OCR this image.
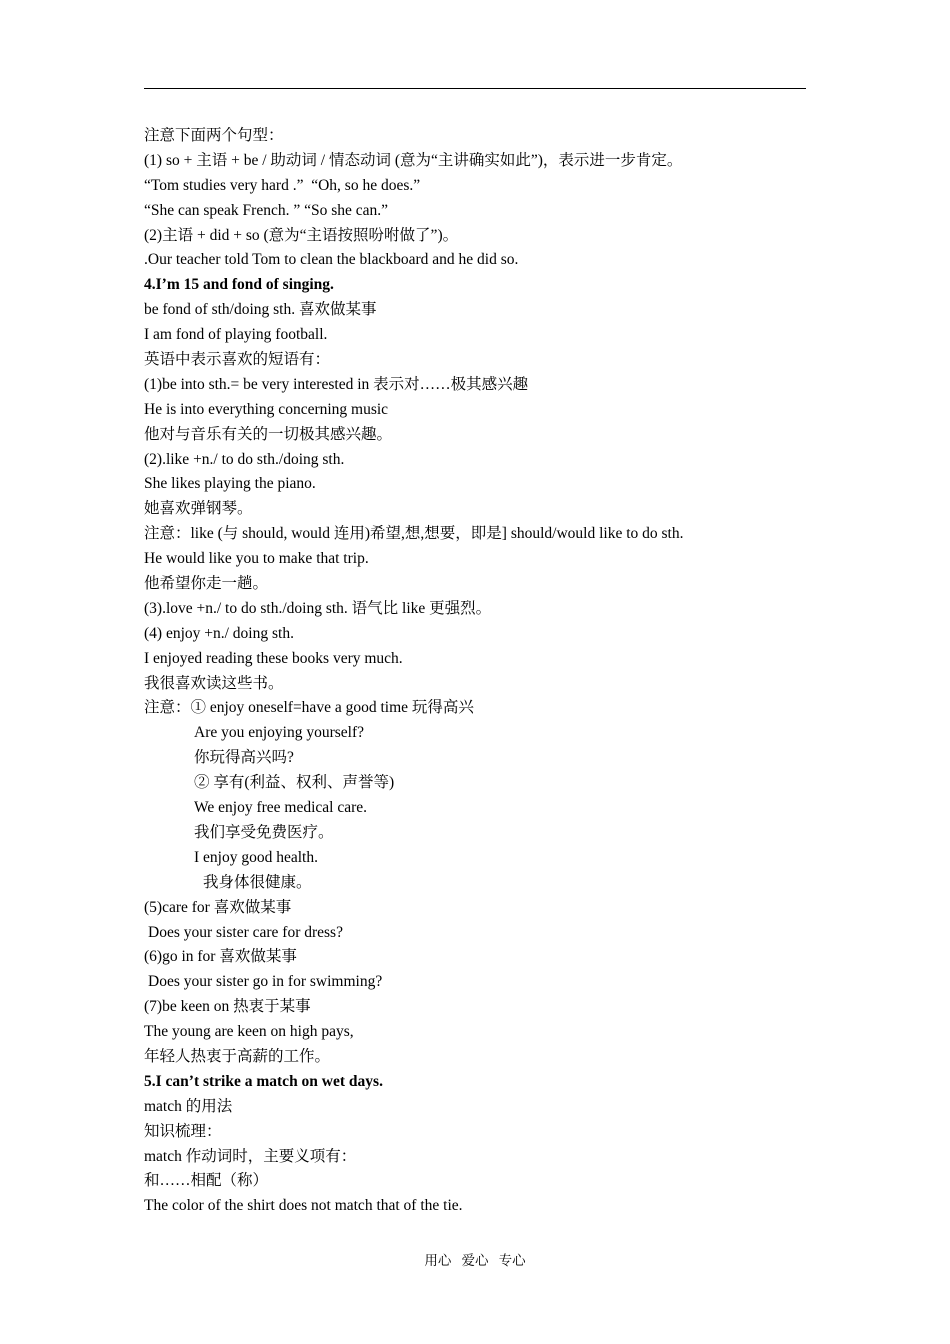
注意下面两个句型：
(1) so + 主语 + be / 助动词 / 情态动词 (意为“主讲确实如此”)，表示进一步肯定。
“Tom studies very hard .”  “Oh, so he does.”
“She can speak French. ” “So she can.”
(2)主语 + did + so (意为“主语按照吩咐做了”)。
.Our teacher told Tom to clean the blackboard and he did so.
4.I’m 15 and fond of singing.
be fond of sth/doing sth. 喜欢做某事
I am fond of playing football.
英语中表示喜欢的短语有：
(1)be into sth.= be very interested in 表示对……极其感兴趣
He is into everything concerning music
他对与音乐有关的一切极其感兴趣。
(2).like +n./ to do sth./doing sth.
She likes playing the piano.
她喜欢弹钢琴。
注意：like (与 should, would 连用)希望,想,想要，即是] should/would like to do sth.
He would like you to make that trip.
他希望你走一趟。
(3).love +n./ to do sth./doing sth. 语气比 like 更强烈。
(4) enjoy +n./ doing sth.
I enjoyed reading these books very much.
我很喜欢读这些书。
注意：① enjoy oneself=have a good time 玩得高兴
Are you enjoying yourself?
你玩得高兴吗?
② 享有(利益、权利、声誉等)
We enjoy free medical care.
我们享受免费医疗。
I enjoy good health.
我身体很健康。
(5)care for 喜欢做某事
Does your sister care for dress?
(6)go in for 喜欢做某事
Does your sister go in for swimming?
(7)be keen on 热衷于某事
The young are keen on high pays,
年轻人热衷于高薪的工作。
5.I can’t strike a match on wet days.
match 的用法
知识梳理：
match 作动词时，主要义项有：
和……相配（称）
The color of the shirt does not match that of the tie.
用心   爱心   专心
